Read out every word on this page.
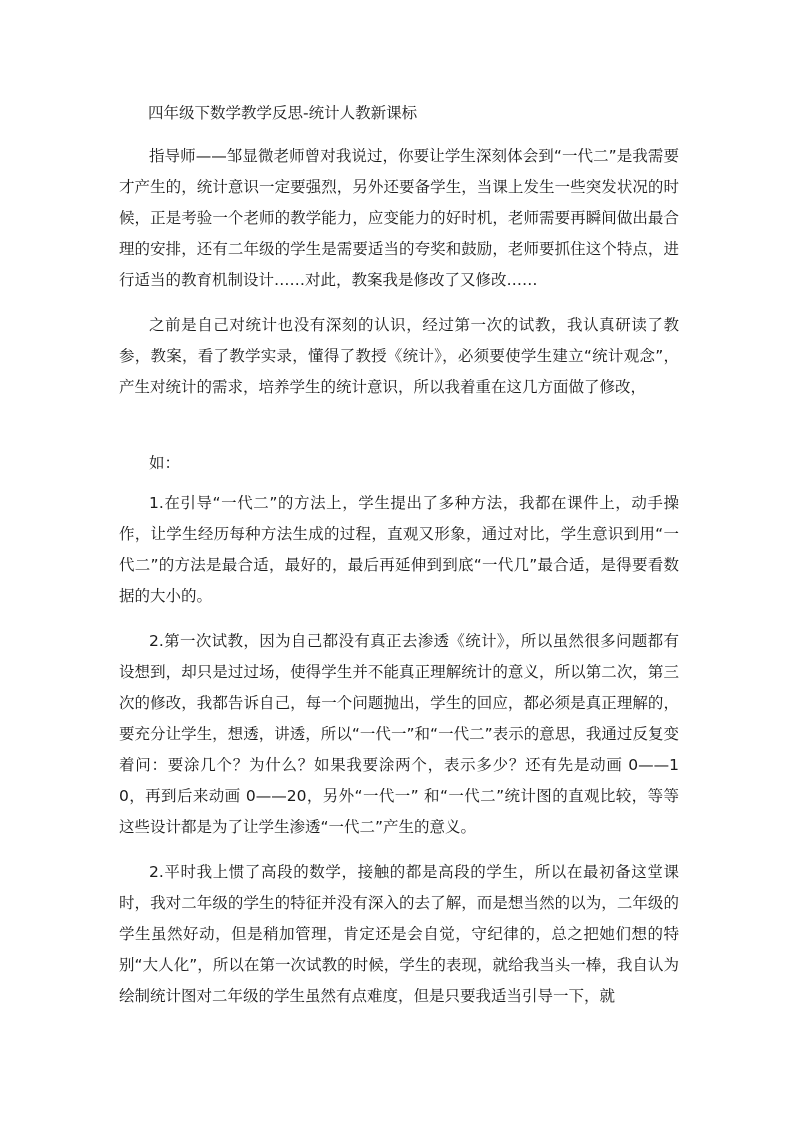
四年级下数学教学反思-统计人教新课标

指导师——邹显微老师曾对我说过，你要让学生深刻体会到“一代二”是我需要才产生的，统计意识一定要强烈，另外还要备学生，当课上发生一些突发状况的时候，正是考验一个老师的教学能力，应变能力的好时机，老师需要再瞬间做出最合理的安排，还有二年级的学生是需要适当的夸奖和鼓励，老师要抓住这个特点，进行适当的教育机制设计……对此，教案我是修改了又修改……

之前是自己对统计也没有深刻的认识，经过第一次的试教，我认真研读了教参，教案，看了教学实录，懂得了教授《统计》，必须要使学生建立“统计观念”，产生对统计的需求，培养学生的统计意识，所以我着重在这几方面做了修改，

如：

1.在引导“一代二”的方法上，学生提出了多种方法，我都在课件上，动手操作，让学生经历每种方法生成的过程，直观又形象，通过对比，学生意识到用“一代二”的方法是最合适，最好的，最后再延伸到到底“一代几”最合适，是得要看数据的大小的。

2.第一次试教，因为自己都没有真正去渗透《统计》，所以虽然很多问题都有设想到，却只是过过场，使得学生并不能真正理解统计的意义，所以第二次，第三次的修改，我都告诉自己，每一个问题抛出，学生的回应，都必须是真正理解的，要充分让学生，想透，讲透，所以“一代一”和“一代二”表示的意思，我通过反复变着问：要涂几个？为什么？如果我要涂两个，表示多少？还有先是动画 0——10，再到后来动画 0——20，另外“一代一” 和“一代二”统计图的直观比较，等等这些设计都是为了让学生渗透“一代二”产生的意义。

2.平时我上惯了高段的数学，接触的都是高段的学生，所以在最初备这堂课时，我对二年级的学生的特征并没有深入的去了解，而是想当然的以为，二年级的学生虽然好动，但是稍加管理，肯定还是会自觉，守纪律的，总之把她们想的特别“大人化”，所以在第一次试教的时候，学生的表现，就给我当头一棒，我自认为绘制统计图对二年级的学生虽然有点难度，但是只要我适当引导一下，就
